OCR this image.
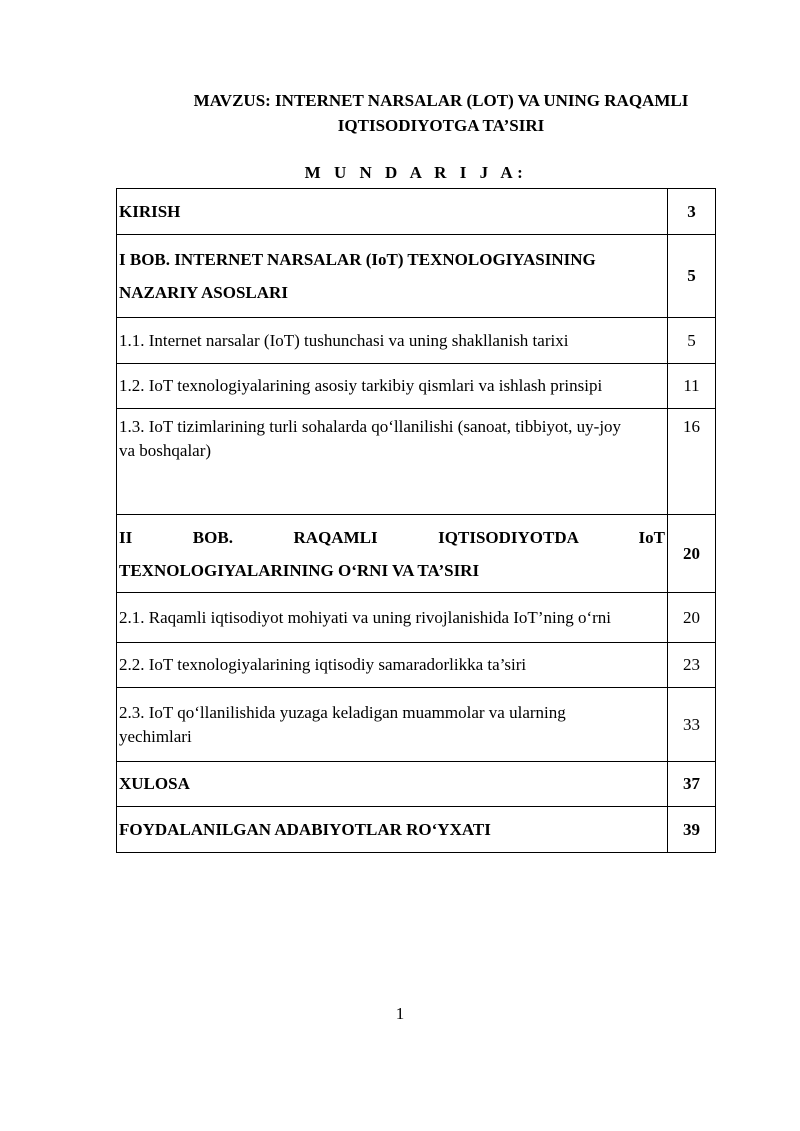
MAVZUS: INTERNET NARSALAR (LOT) VA UNING RAQAMLI
IQTISODIYOTGA TA’SIRI
M U N D A R I J A:
KIRISH	3

I BOB. INTERNET NARSALAR (IoT) TEXNOLOGIYASINING
NAZARIY ASOSLARI	5
1.1. Internet narsalar (IoT) tushunchasi va uning shakllanish tarixi	5
1.2. IoT texnologiyalarining asosiy tarkibiy qismlari va ishlash prinsipi	11

1.3. IoT tizimlarining turli sohalarda qo‘llanilishi (sanoat, tibbiyot, uy-joy
va boshqalar)	16

II BOB. RAQAMLI IQTISODIYOTDA IoT
TEXNOLOGIYALARINING O‘RNI VA TA’SIRI	20
2.1. Raqamli iqtisodiyot mohiyati va uning rivojlanishida IoT’ning o‘rni	20
2.2. IoT texnologiyalarining iqtisodiy samaradorlikka ta’siri	23

2.3. IoT qo‘llanilishida yuzaga keladigan muammolar va ularning
yechimlari	33
XULOSA	37
FOYDALANILGAN ADABIYOTLAR RO‘YXATI	39
1
